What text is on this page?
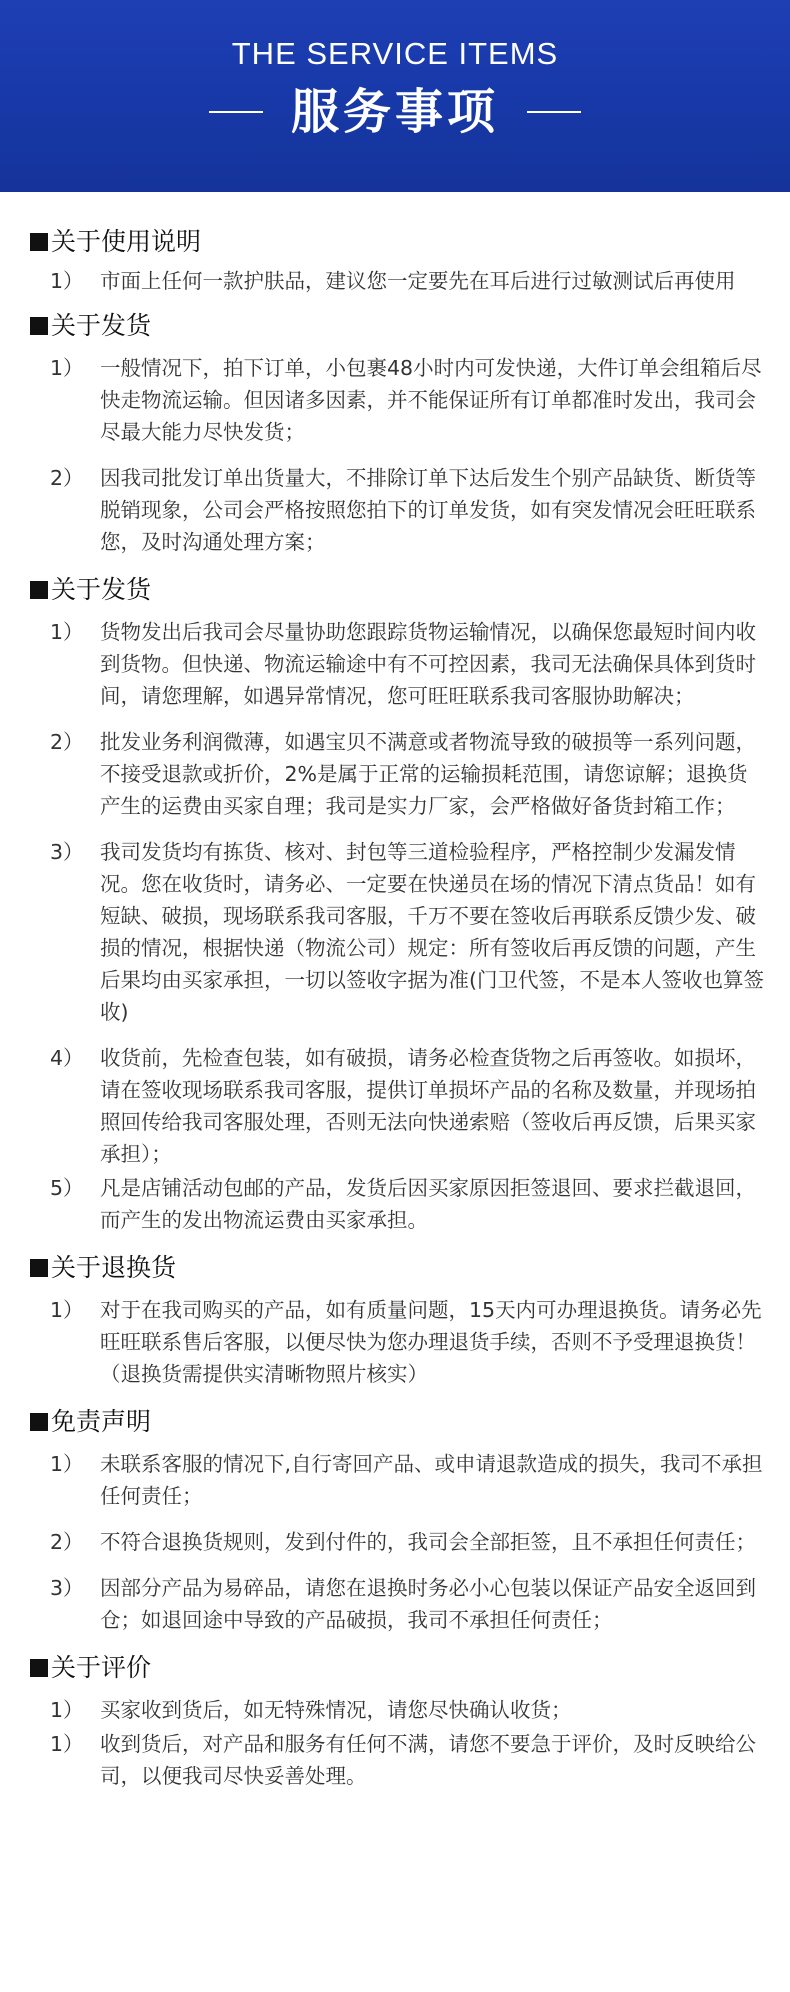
THE SERVICE ITEMS
服务事项
关于使用说明
1） 市面上任何一款护肤品，建议您一定要先在耳后进行过敏测试后再使用
关于发货
1） 一般情况下，拍下订单，小包裹48小时内可发快递，大件订单会组箱后尽快走物流运输。但因诸多因素，并不能保证所有订单都准时发出，我司会尽最大能力尽快发货；
2） 因我司批发订单出货量大，不排除订单下达后发生个别产品缺货、断货等脱销现象，公司会严格按照您拍下的订单发货，如有突发情况会旺旺联系您，及时沟通处理方案；
关于发货
1） 货物发出后我司会尽量协助您跟踪货物运输情况，以确保您最短时间内收到货物。但快递、物流运输途中有不可控因素，我司无法确保具体到货时间，请您理解，如遇异常情况，您可旺旺联系我司客服协助解决；
2） 批发业务利润微薄，如遇宝贝不满意或者物流导致的破损等一系列问题，不接受退款或折价，2%是属于正常的运输损耗范围，请您谅解；退换货产生的运费由买家自理；我司是实力厂家，会严格做好备货封箱工作；
3） 我司发货均有拣货、核对、封包等三道检验程序，严格控制少发漏发情况。您在收货时，请务必、一定要在快递员在场的情况下清点货品！如有短缺、破损，现场联系我司客服，千万不要在签收后再联系反馈少发、破损的情况，根据快递（物流公司）规定：所有签收后再反馈的问题，产生后果均由买家承担，一切以签收字据为准(门卫代签，不是本人签收也算签收)
4） 收货前，先检查包装，如有破损，请务必检查货物之后再签收。如损坏，请在签收现场联系我司客服，提供订单损坏产品的名称及数量，并现场拍照回传给我司客服处理，否则无法向快递索赔（签收后再反馈，后果买家承担）；
5） 凡是店铺活动包邮的产品，发货后因买家原因拒签退回、要求拦截退回，而产生的发出物流运费由买家承担。
关于退换货
1） 对于在我司购买的产品，如有质量问题，15天内可办理退换货。请务必先旺旺联系售后客服，以便尽快为您办理退货手续，否则不予受理退换货！（退换货需提供实清晰物照片核实）
免责声明
1） 未联系客服的情况下,自行寄回产品、或申请退款造成的损失，我司不承担任何责任；
2） 不符合退换货规则，发到付件的，我司会全部拒签，且不承担任何责任；
3） 因部分产品为易碎品，请您在退换时务必小心包装以保证产品安全返回到仓；如退回途中导致的产品破损，我司不承担任何责任；
关于评价
1） 买家收到货后，如无特殊情况，请您尽快确认收货；
1） 收到货后，对产品和服务有任何不满，请您不要急于评价，及时反映给公司，以便我司尽快妥善处理。
